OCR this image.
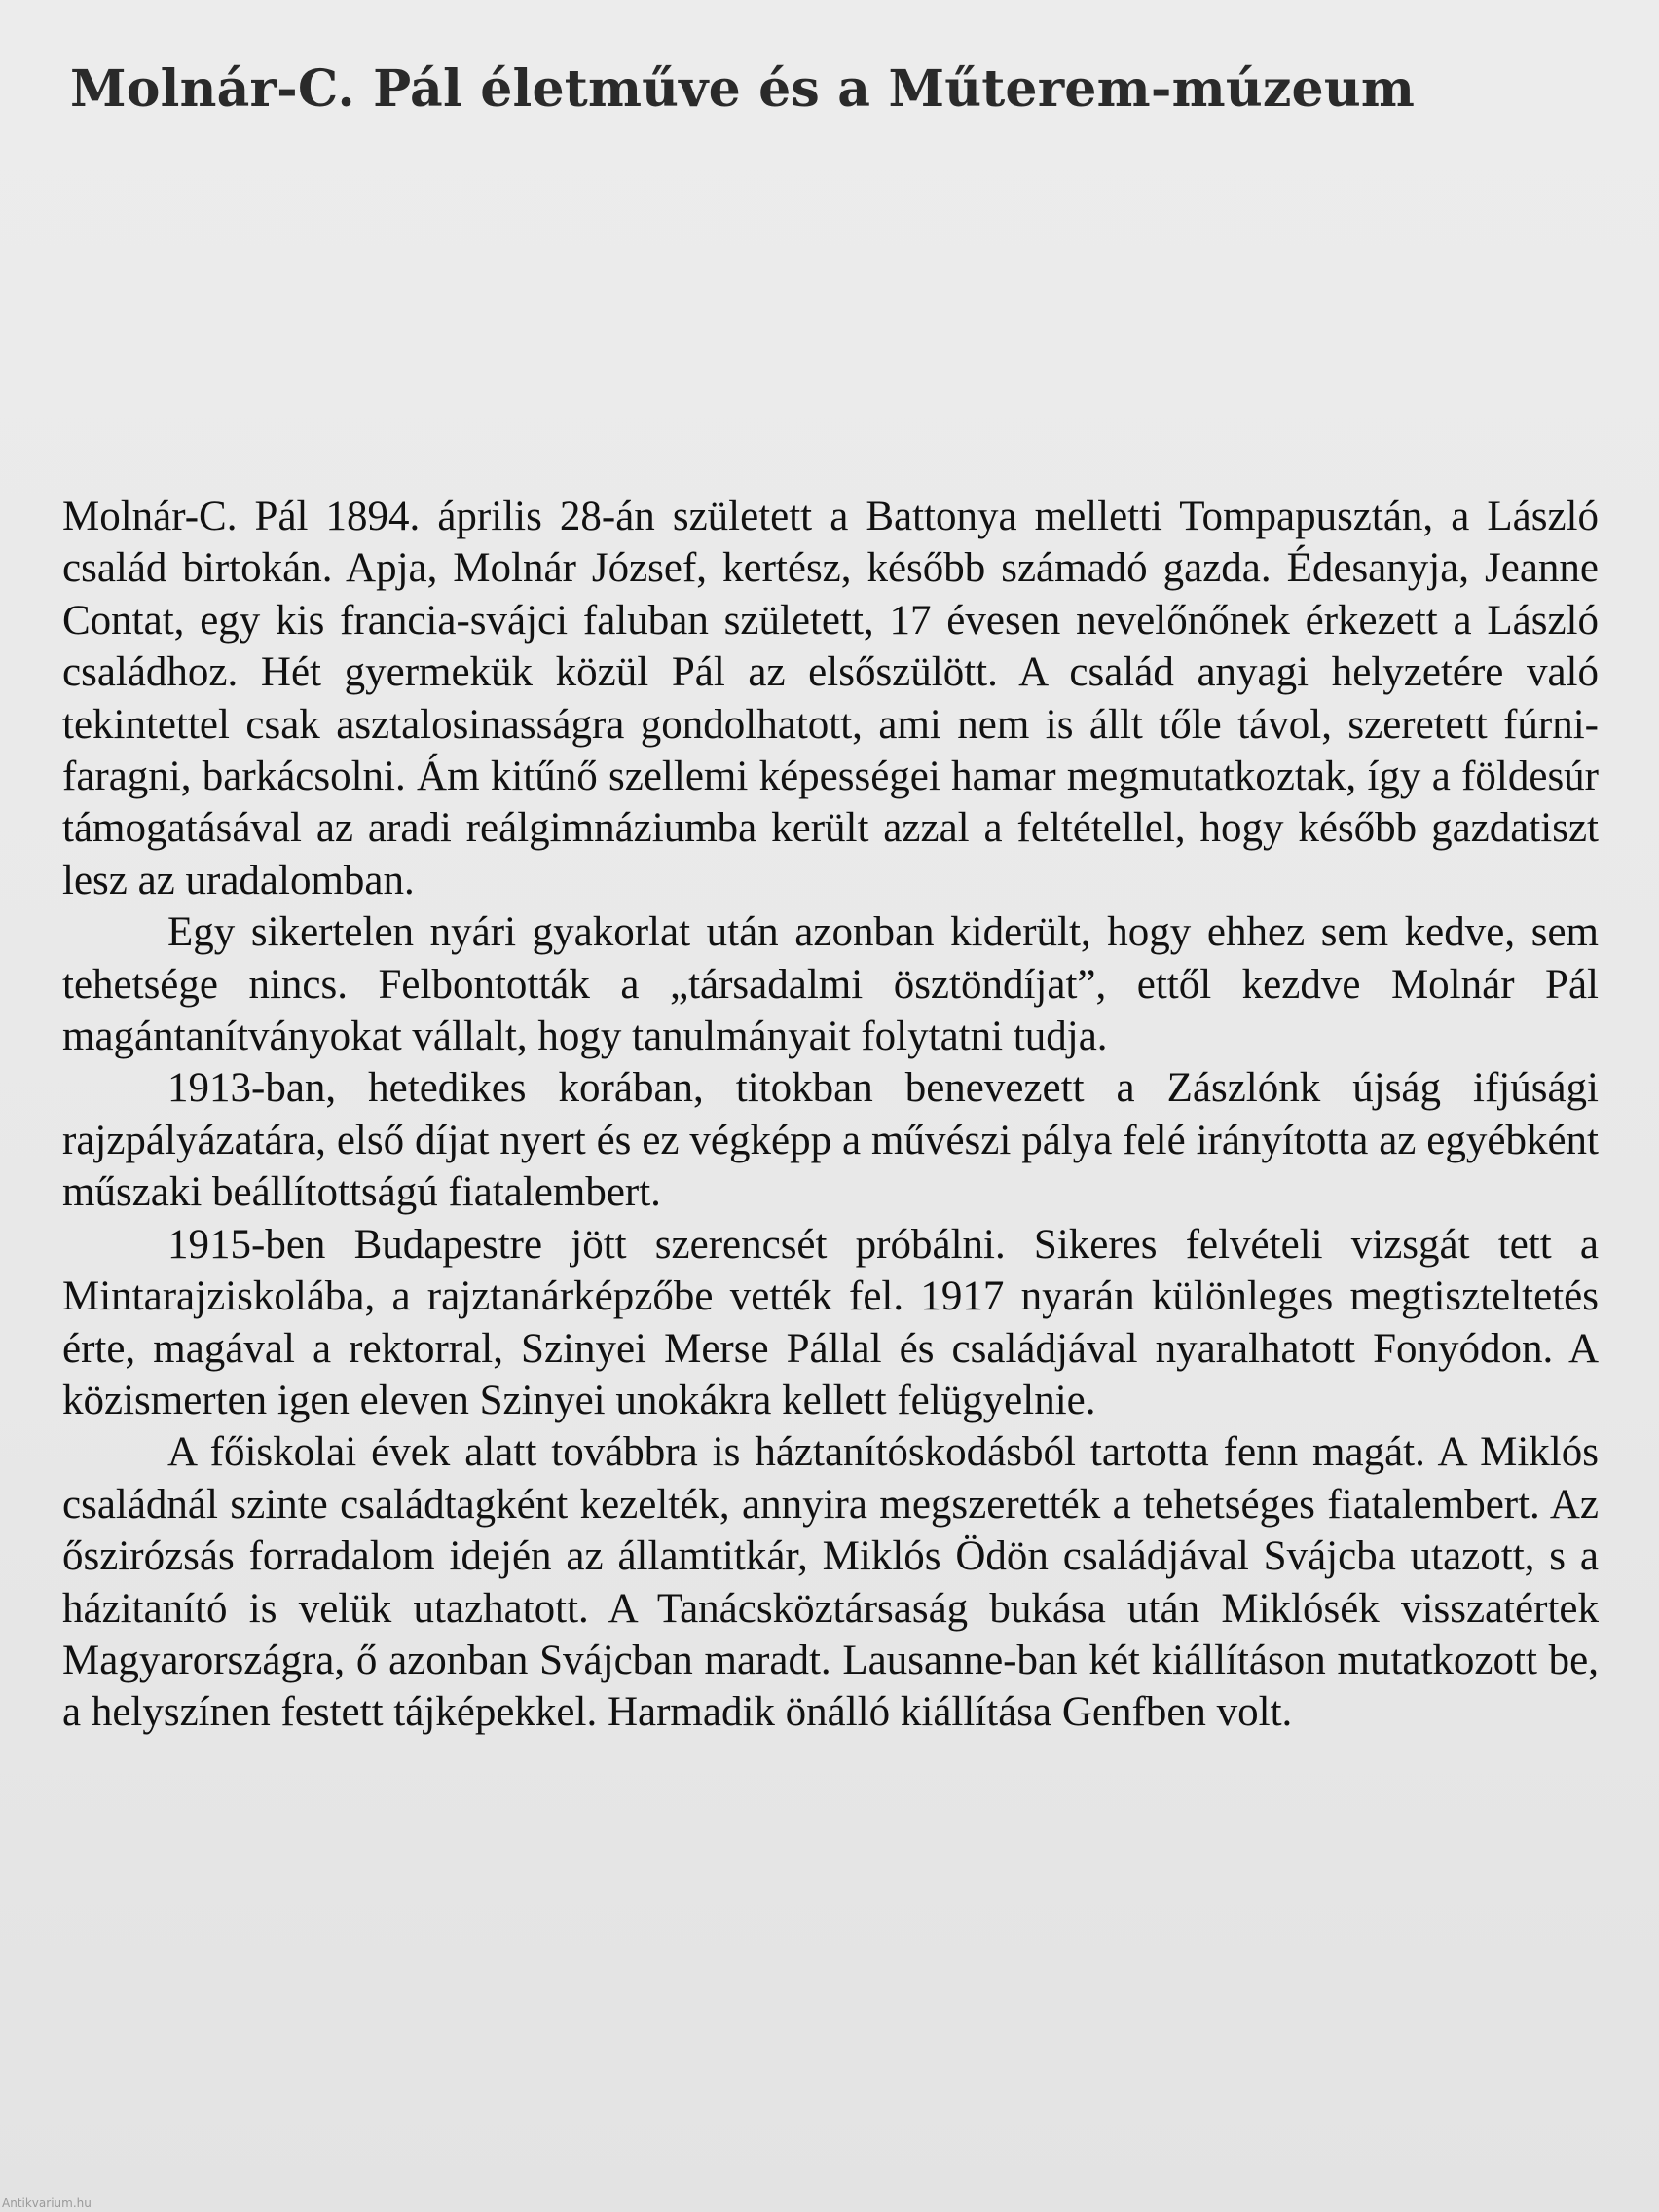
Molnár-C. Pál életműve és a Műterem-múzeum

Molnár-C. Pál 1894. április 28-án született a Battonya melletti Tompapusztán, a László család birtokán. Apja, Molnár József, kertész, később számadó gazda. Édesanyja, Jeanne Contat, egy kis francia-svájci faluban született, 17 évesen nevelőnőnek érkezett a László családhoz. Hét gyermekük közül Pál az elsőszülött. A család anyagi helyzetére való tekintettel csak asztalosinasságra gondolhatott, ami nem is állt tőle távol, szeretett fúrni-faragni, barkácsolni. Ám kitűnő szellemi képességei hamar megmutatkoztak, így a földesúr támogatásával az aradi reálgimnáziumba került azzal a feltétellel, hogy később gazdatiszt lesz az uradalomban.

Egy sikertelen nyári gyakorlat után azonban kiderült, hogy ehhez sem kedve, sem tehetsége nincs. Felbontották a „társadalmi ösztöndíjat”, ettől kezdve Molnár Pál magántanítványokat vállalt, hogy tanulmányait folytatni tudja.

1913-ban, hetedikes korában, titokban benevezett a Zászlónk újság ifjúsági rajzpályázatára, első díjat nyert és ez végképp a művészi pálya felé irányította az egyébként műszaki beállítottságú fiatalembert.

1915-ben Budapestre jött szerencsét próbálni. Sikeres felvételi vizsgát tett a Mintarajziskolába, a rajztanárképzőbe vették fel. 1917 nyarán különleges megtiszteltetés érte, magával a rektorral, Szinyei Merse Pállal és családjával nyaralhatott Fonyódon. A közismerten igen eleven Szinyei unokákra kellett felügyelnie.

A főiskolai évek alatt továbbra is háztanítóskodásból tartotta fenn magát. A Miklós családnál szinte családtagként kezelték, annyira megszerették a tehetséges fiatalembert. Az őszirózsás forradalom idején az államtitkár, Miklós Ödön családjával Svájcba utazott, s a házitanító is velük utazhatott. A Tanácsköztársaság bukása után Miklósék visszatértek Magyarországra, ő azonban Svájcban maradt. Lausanne-ban két kiállításon mutatkozott be, a helyszínen festett tájképekkel. Harmadik önálló kiállítása Genfben volt.

Antikvarium.hu
